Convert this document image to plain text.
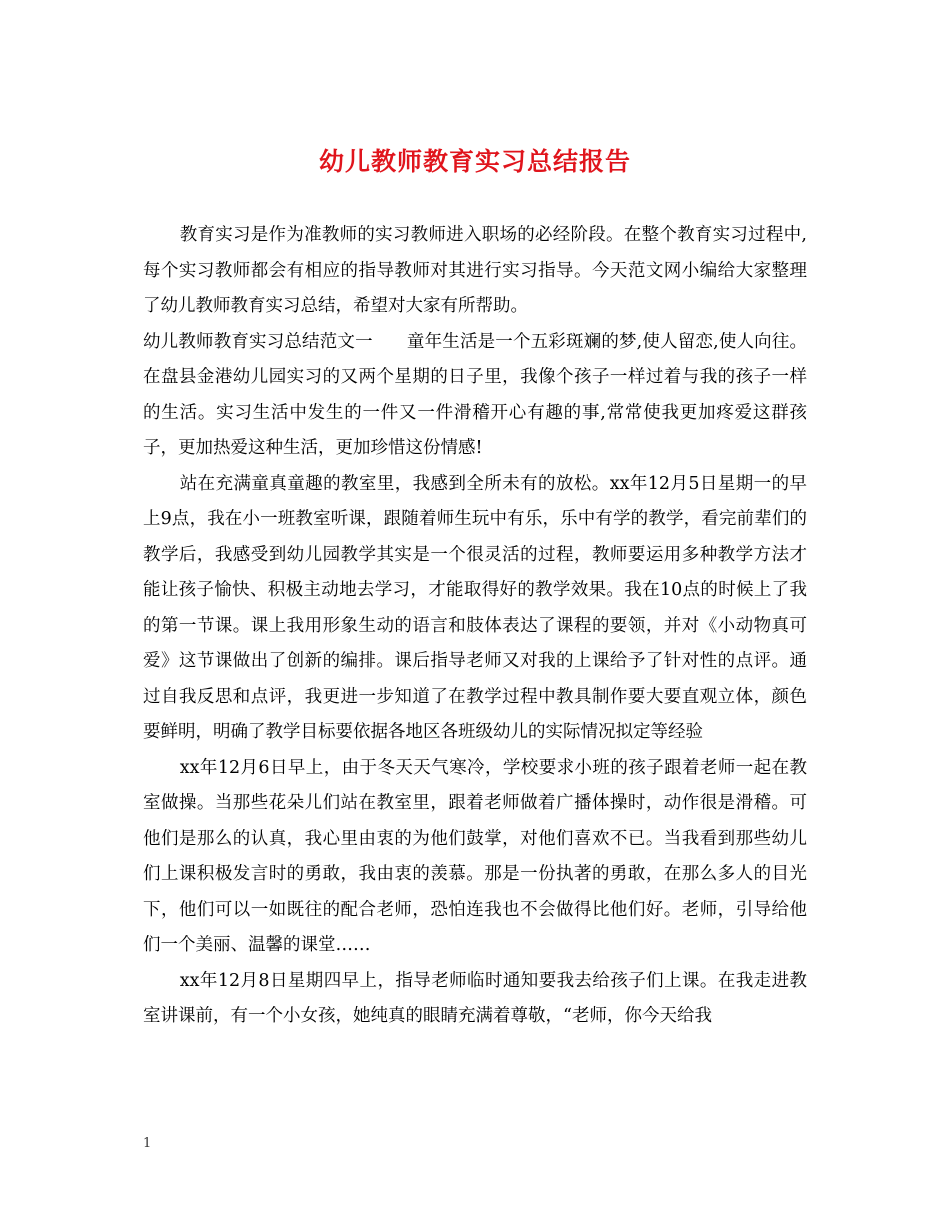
幼儿教师教育实习总结报告

教育实习是作为准教师的实习教师进入职场的必经阶段。在整个教育实习过程中,每个实习教师都会有相应的指导教师对其进行实习指导。今天范文网小编给大家整理了幼儿教师教育实习总结，希望对大家有所帮助。

幼儿教师教育实习总结范文一 童年生活是一个五彩斑斓的梦,使人留恋,使人向往。在盘县金港幼儿园实习的又两个星期的日子里，我像个孩子一样过着与我的孩子一样的生活。实习生活中发生的一件又一件滑稽开心有趣的事,常常使我更加疼爱这群孩子，更加热爱这种生活，更加珍惜这份情感!

站在充满童真童趣的教室里，我感到全所未有的放松。xx年12月5日星期一的早上9点，我在小一班教室听课，跟随着师生玩中有乐，乐中有学的教学，看完前辈们的教学后，我感受到幼儿园教学其实是一个很灵活的过程，教师要运用多种教学方法才能让孩子愉快、积极主动地去学习，才能取得好的教学效果。我在10点的时候上了我的第一节课。课上我用形象生动的语言和肢体表达了课程的要领，并对《小动物真可爱》这节课做出了创新的编排。课后指导老师又对我的上课给予了针对性的点评。通过自我反思和点评，我更进一步知道了在教学过程中教具制作要大要直观立体，颜色要鲜明，明确了教学目标要依据各地区各班级幼儿的实际情况拟定等经验

xx年12月6日早上，由于冬天天气寒冷，学校要求小班的孩子跟着老师一起在教室做操。当那些花朵儿们站在教室里，跟着老师做着广播体操时，动作很是滑稽。可他们是那么的认真，我心里由衷的为他们鼓掌，对他们喜欢不已。当我看到那些幼儿们上课积极发言时的勇敢，我由衷的羡慕。那是一份执著的勇敢，在那么多人的目光下，他们可以一如既往的配合老师，恐怕连我也不会做得比他们好。老师，引导给他们一个美丽、温馨的课堂……

xx年12月8日星期四早上，指导老师临时通知要我去给孩子们上课。在我走进教室讲课前，有一个小女孩，她纯真的眼睛充满着尊敬，“老师，你今天给我

1
